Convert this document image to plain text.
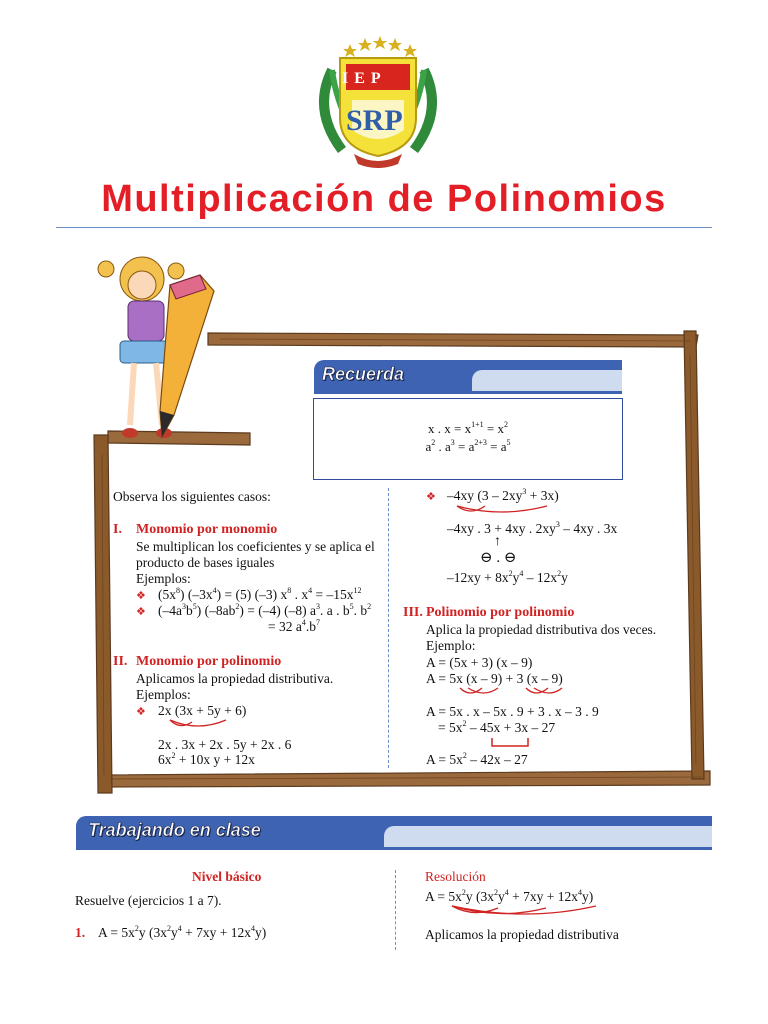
IEP
SRP
Multiplicación de Polinomios
Recuerda
x . $x = x^{1+1} = x^2$
$a^2$ . $a^3 = a^{2+3} = a^5$
Observa los siguientes casos:
I. Monomio por monomio
Se multiplican los coeficientes y se aplica el
producto de bases iguales
Ejemplos:
❖ $(5x^8) (-3x^4) = (5)$ (–3) $x^8$ . $x^4 = -15x^{12}$
❖ $(-4a^3b^5) (-8ab^2) = (-4)$ (–8) $a^3$. a . $b^5$. $b^2$
= 32 $a^4.b^7$
II. Monomio por polinomio
Aplicamos la propiedad distributiva.
Ejemplos:
❖ 2x (3x + 5y + 6)
2x . 3x + 2x . 5y + 2x . 6
$6x^2 + 10x$ y + 12x
❖ –4xy $(3 - 2xy^3 + 3x)$
–4xy . 3 + 4xy . $2xy^3 - 4xy$ . 3x
↑
⊖ . ⊖
$-12xy + 8x^2y^4 - 12x^2y$
III. Polinomio por polinomio
Aplica la propiedad distributiva dos veces.
Ejemplo:
A = (5x + 3) (x – 9)
A = 5x (x – 9) + 3 (x – 9)
A = 5x . x – 5x . 9 + 3 . x – 3 . 9
= $5x^2 - 45x + 3x - 27$
$A = 5x^2 - 42x - 27$
Trabajando en clase
Nivel básico
Resuelve (ejercicios 1 a 7).
1. $A = 5x^2y$ $(3x^2y^4 + 7xy + 12x^4y)$
Resolución
$A = 5x^2y$ $(3x^2y^4 + 7xy + 12x^4y)$
Aplicamos la propiedad distributiva
